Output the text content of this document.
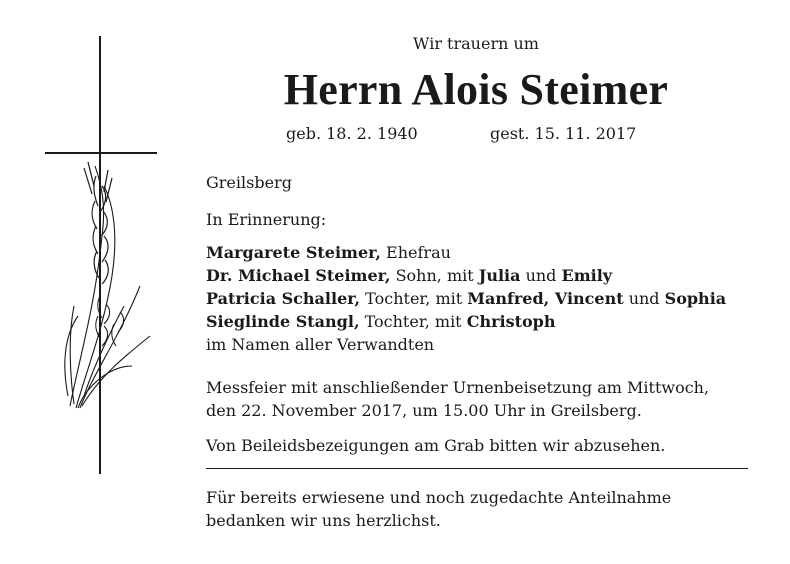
Wir trauern um
Herrn Alois Steimer
geb. 18. 2. 1940	gest. 15. 11. 2017
Greilsberg
In Erinnerung:
Margarete Steimer, Ehefrau
Dr. Michael Steimer, Sohn, mit Julia und Emily
Patricia Schaller, Tochter, mit Manfred, Vincent und Sophia
Sieglinde Stangl, Tochter, mit Christoph
im Namen aller Verwandten
Messfeier mit anschließender Urnenbeisetzung am Mittwoch,
den 22. November 2017, um 15.00 Uhr in Greilsberg.
Von Beileidsbezeigungen am Grab bitten wir abzusehen.
Für bereits erwiesene und noch zugedachte Anteilnahme
bedanken wir uns herzlichst.
